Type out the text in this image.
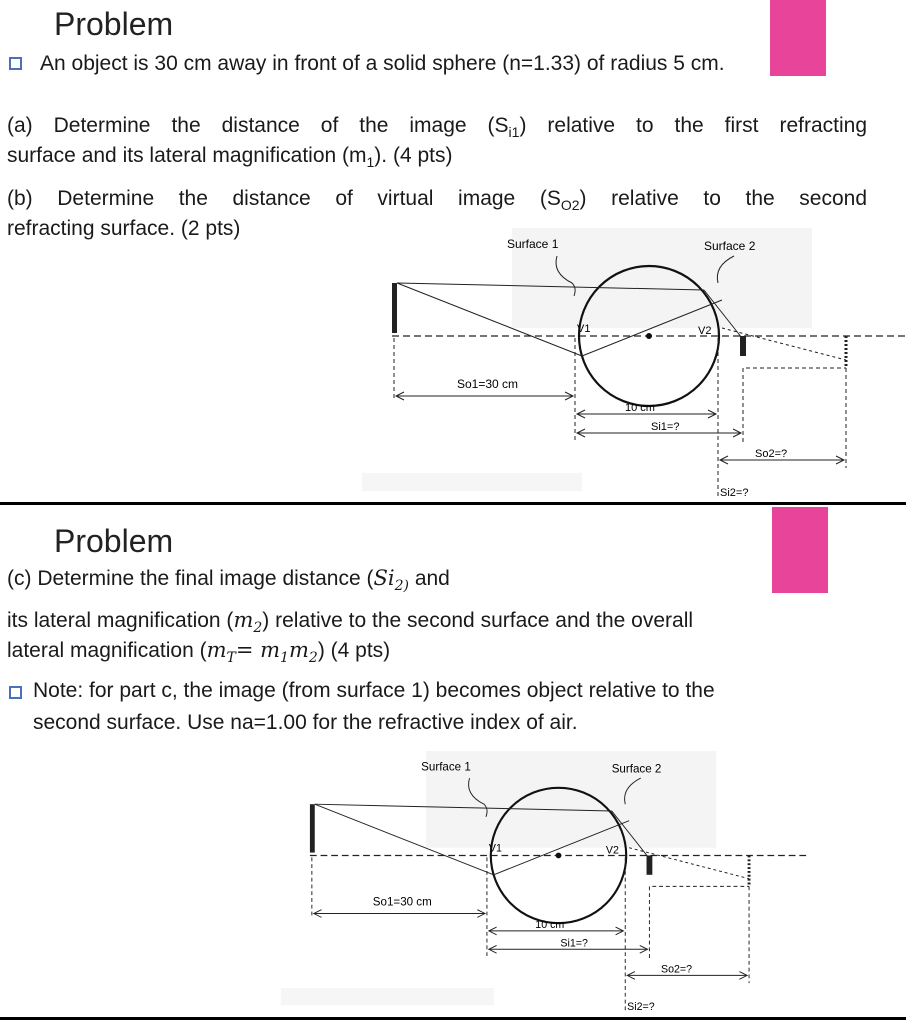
Problem
An object is 30 cm away in front of a solid sphere (n=1.33) of radius 5 cm.
(a) Determine the distance of the image $(S_{i1})$ relative to the first refracting
surface and its lateral magnification $(m_1)$. (4 pts)
(b) Determine the distance of virtual image $(S_{O2})$ relative to the second
refracting surface. (2 pts)
Surface 1	Surface 2
V1	V2
So1=30 cm
10 cm
Si1=?
So2=?
Si2=?
Problem
(c) Determine the final image distance ($Si_{2)}$ and
its lateral magnification $(m_2)$ relative to the second surface and the overall
lateral magnification $(m_T= m_1m_2)$ (4 pts)
Note: for part c, the image (from surface 1) becomes object relative to the
second surface. Use na=1.00 for the refractive index of air.
Surface 1	Surface 2
V1	V2
So1=30 cm
10 cm
Si1=?
So2=?
Si2=?
